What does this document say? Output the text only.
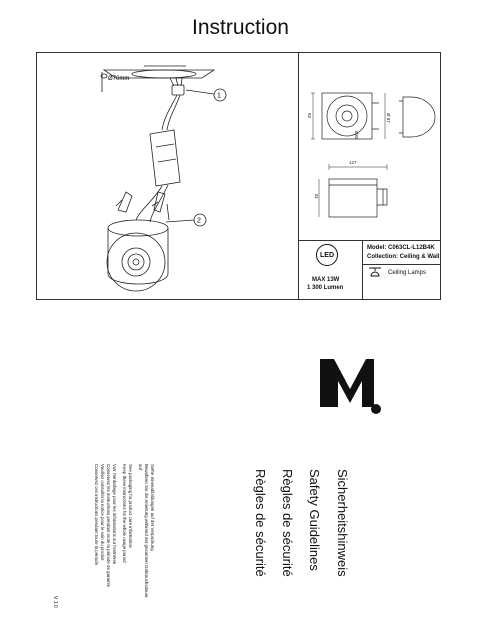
Instruction
Ø70mm
1
2
Ø 97
83
Ø65
127
81
LED
MAX 13W
1 300 Lumen
Model: C063CL-L12B4K
Collection: Ceiling & Wall
Ceiling Lamps
Sicherheitshinweis
Safety Guidelines
Règles de sécurité
Règles de sécurité
Siehe Innenabbildungen auf der Verpackung
Bewahren Sie die Anleitung während der gesamten Gebrauchsdauer
auf
See packaging for product care information
Keep these instructions for the whole usage period
Voir l'emballage pour les informations sur l'entretien
Conservez les instructions pendant toute la période de garantie
Veuillez consulter la notice pour le soin du produit
Conservez ces instructions pendant toute la période
V 1.0
